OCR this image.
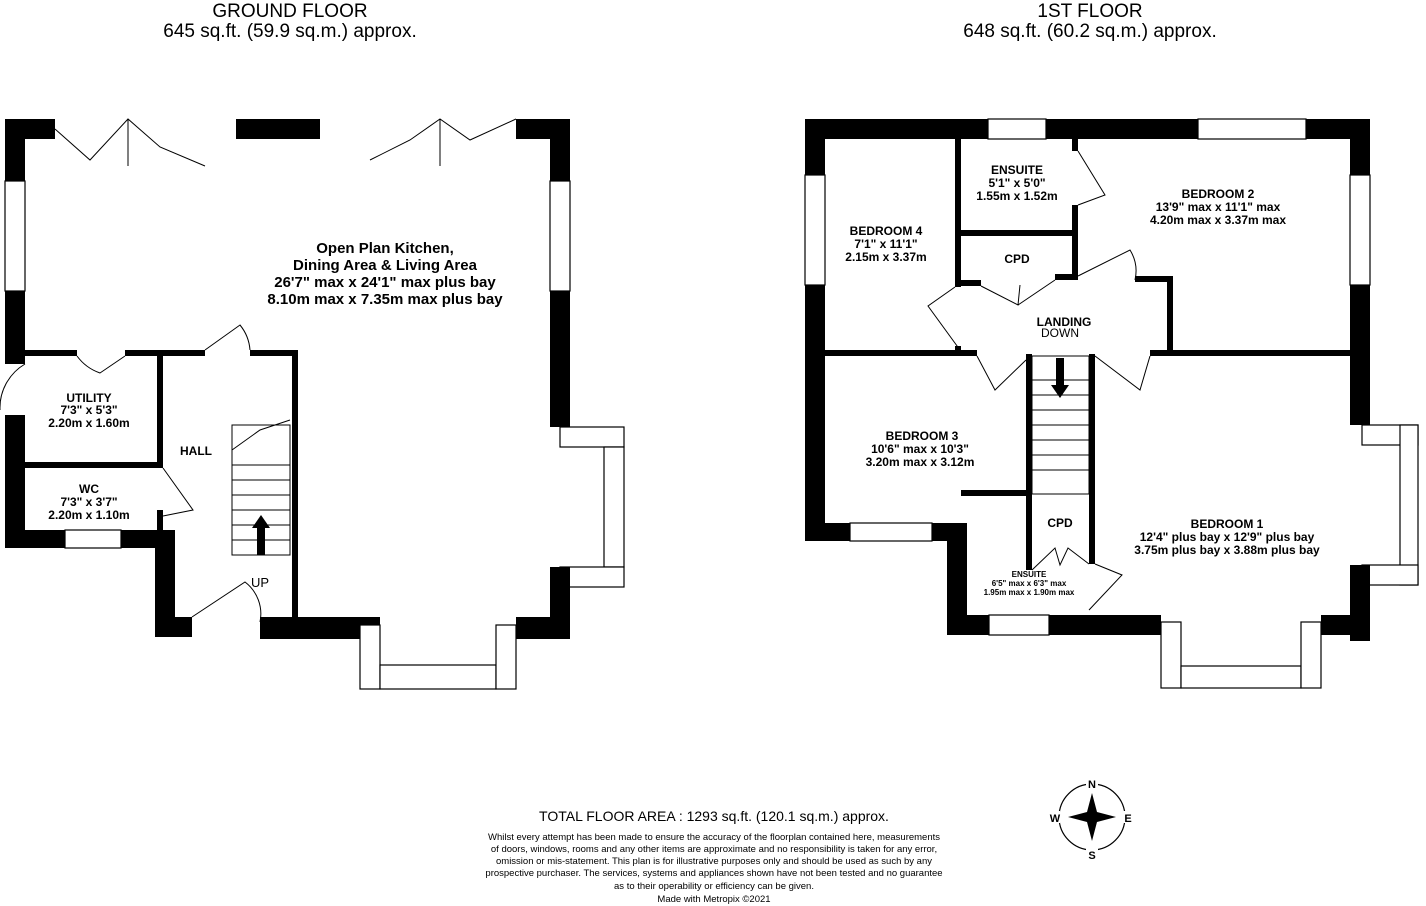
GROUND FLOOR
645 sq.ft. (59.9 sq.m.) approx.
1ST FLOOR
648 sq.ft. (60.2 sq.m.) approx.
Open Plan Kitchen,
Dining Area & Living Area
26'7" max x 24'1" max plus bay
8.10m max x 7.35m max plus bay
UTILITY
7'3" x 5'3"
2.20m x 1.60m
HALL
WC
7'3" x 3'7"
2.20m x 1.10m
UP
ENSUITE
5'1" x 5'0"
1.55m x 1.52m	BEDROOM 2
13'9" max x 11'1" max
4.20m max x 3.37m max
BEDROOM 4
7'1" x 11'1"
2.15m x 3.37m	CPD
LANDING
DOWN
BEDROOM 3
10'6" max x 10'3"
3.20m max x 3.12m
CPD	BEDROOM 1
12'4" plus bay x 12'9" plus bay
3.75m plus bay x 3.88m plus bay
ENSUITE
6'5" max x 6'3" max
1.95m max x 1.90m max
TOTAL FLOOR AREA : 1293 sq.ft. (120.1 sq.m.) approx.
Whilst every attempt has been made to ensure the accuracy of the floorplan contained here, measurements
of doors, windows, rooms and any other items are approximate and no responsibility is taken for any error,
omission or mis-statement. This plan is for illustrative purposes only and should be used as such by any
prospective purchaser. The services, systems and appliances shown have not been tested and no guarantee
as to their operability or efficiency can be given.
Made with Metropix ©2021
N
S
E
W
